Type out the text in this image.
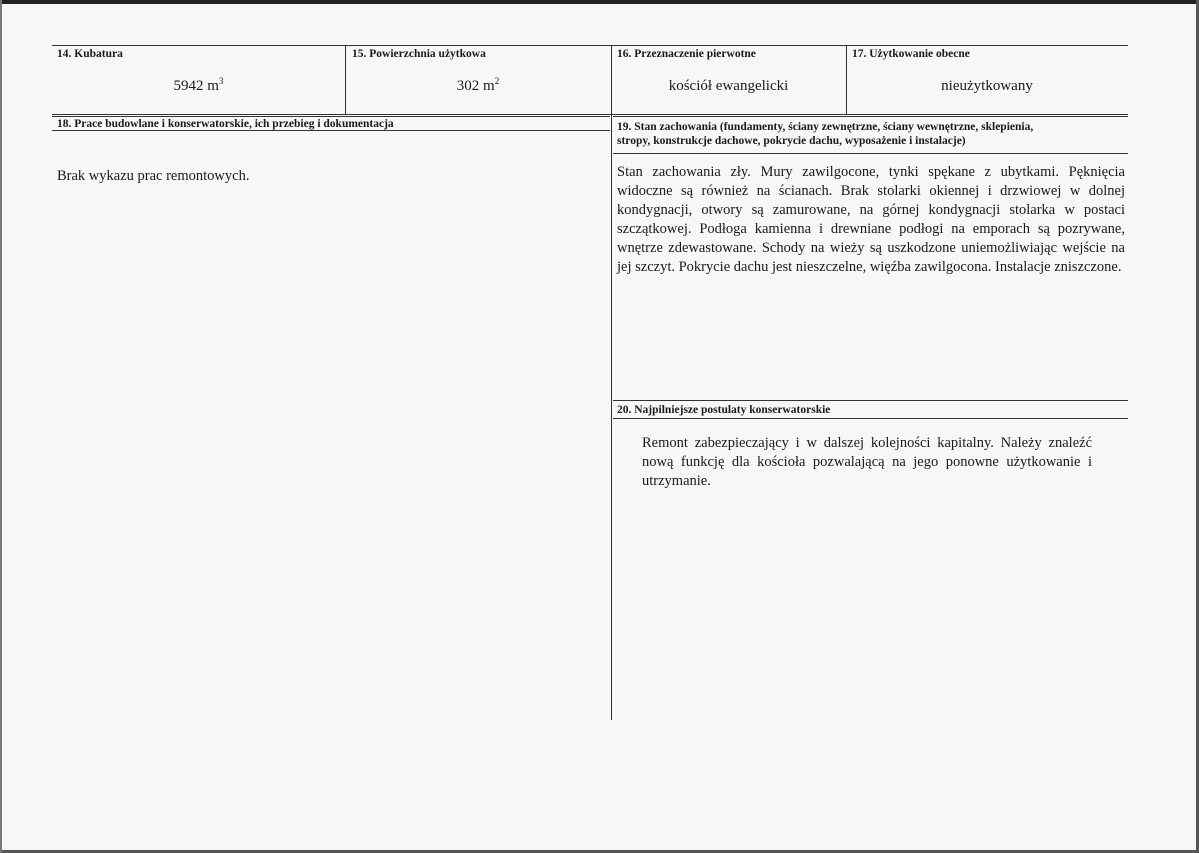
14. Kubatura
5942 $m^3$
15. Powierzchnia użytkowa
302 $m^2$
16. Przeznaczenie pierwotne
kościół ewangelicki
17. Użytkowanie obecne
nieużytkowany
18. Prace budowlane i konserwatorskie, ich przebieg i dokumentacja
Brak wykazu prac remontowych.
19. Stan zachowania (fundamenty, ściany zewnętrzne, ściany wewnętrzne, sklepienia,
stropy, konstrukcje dachowe, pokrycie dachu, wyposażenie i instalacje)
Stan zachowania zły. Mury zawilgocone, tynki spękane z ubytkami. Pęknięcia widoczne są również na ścianach. Brak stolarki okiennej i drzwiowej w dolnej kondygnacji, otwory są zamurowane, na górnej kondygnacji stolarka w postaci szczątkowej. Podłoga kamienna i drewniane podłogi na emporach są pozrywane, wnętrze zdewastowane. Schody na wieży są uszkodzone uniemożliwiając wejście na jej szczyt. Pokrycie dachu jest nieszczelne, więźba zawilgocona. Instalacje zniszczone.
20. Najpilniejsze postulaty konserwatorskie
Remont zabezpieczający i w dalszej kolejności kapitalny. Należy znaleźć nową funkcję dla kościoła pozwalającą na jego ponowne użytkowanie i utrzymanie.
